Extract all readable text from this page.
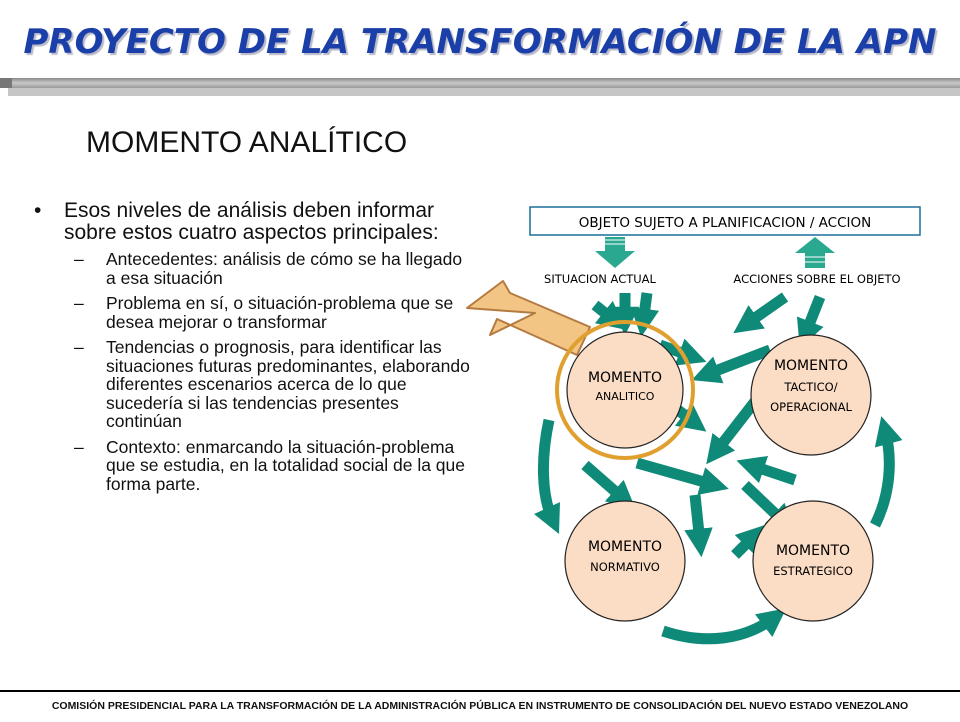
PROYECTO DE LA TRANSFORMACIÓN DE LA APN
MOMENTO ANALÍTICO
• Esos niveles de análisis deben informar sobre estos cuatro aspectos principales:
– Antecedentes: análisis de cómo se ha llegado a esa situación
– Problema en sí, o situación-problema que se desea mejorar o transformar
– Tendencias o prognosis, para identificar las situaciones futuras predominantes, elaborando diferentes escenarios acerca de lo que sucedería si las tendencias presentes continúan
– Contexto: enmarcando la situación-problema que se estudia, en la totalidad social de la que forma parte.
OBJETO SUJETO A PLANIFICACION / ACCION
SITUACION ACTUAL	ACCIONES SOBRE EL OBJETO
MOMENTO
ANALITICO
MOMENTO
TACTICO/
OPERACIONAL
MOMENTO
NORMATIVO
MOMENTO
ESTRATEGICO
COMISIÓN PRESIDENCIAL PARA LA TRANSFORMACIÓN DE LA ADMINISTRACIÓN PÚBLICA EN INSTRUMENTO DE CONSOLIDACIÓN DEL NUEVO ESTADO VENEZOLANO
